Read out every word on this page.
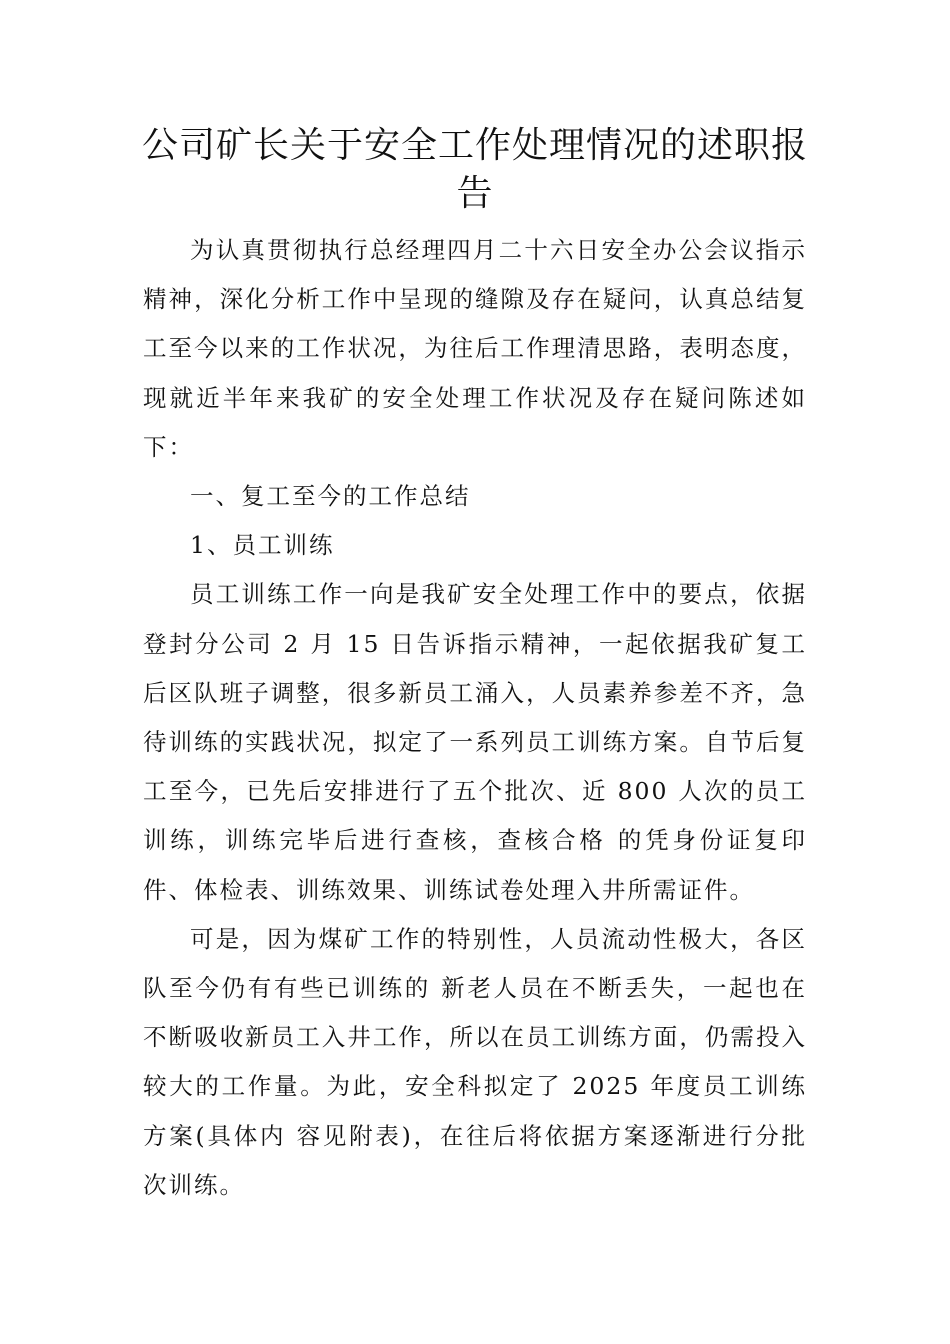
公司矿长关于安全工作处理情况的述职报告

为认真贯彻执行总经理四月二十六日安全办公会议指示精神，深化分析工作中呈现的缝隙及存在疑问，认真总结复工至今以来的工作状况，为往后工作理清思路，表明态度，现就近半年来我矿的安全处理工作状况及存在疑问陈述如下：

一、复工至今的工作总结

1、员工训练

员工训练工作一向是我矿安全处理工作中的要点，依据登封分公司 2 月 15 日告诉指示精神，一起依据我矿复工后区队班子调整，很多新员工涌入，人员素养参差不齐，急待训练的实践状况，拟定了一系列员工训练方案。自节后复工至今，已先后安排进行了五个批次、近 800 人次的员工训练，训练完毕后进行查核，查核合格 的凭身份证复印件、体检表、训练效果、训练试卷处理入井所需证件。

可是，因为煤矿工作的特别性，人员流动性极大，各区队至今仍有有些已训练的 新老人员在不断丢失，一起也在不断吸收新员工入井工作，所以在员工训练方面，仍需投入较大的工作量。为此，安全科拟定了 2025 年度员工训练方案(具体内 容见附表)，在往后将依据方案逐渐进行分批次训练。
